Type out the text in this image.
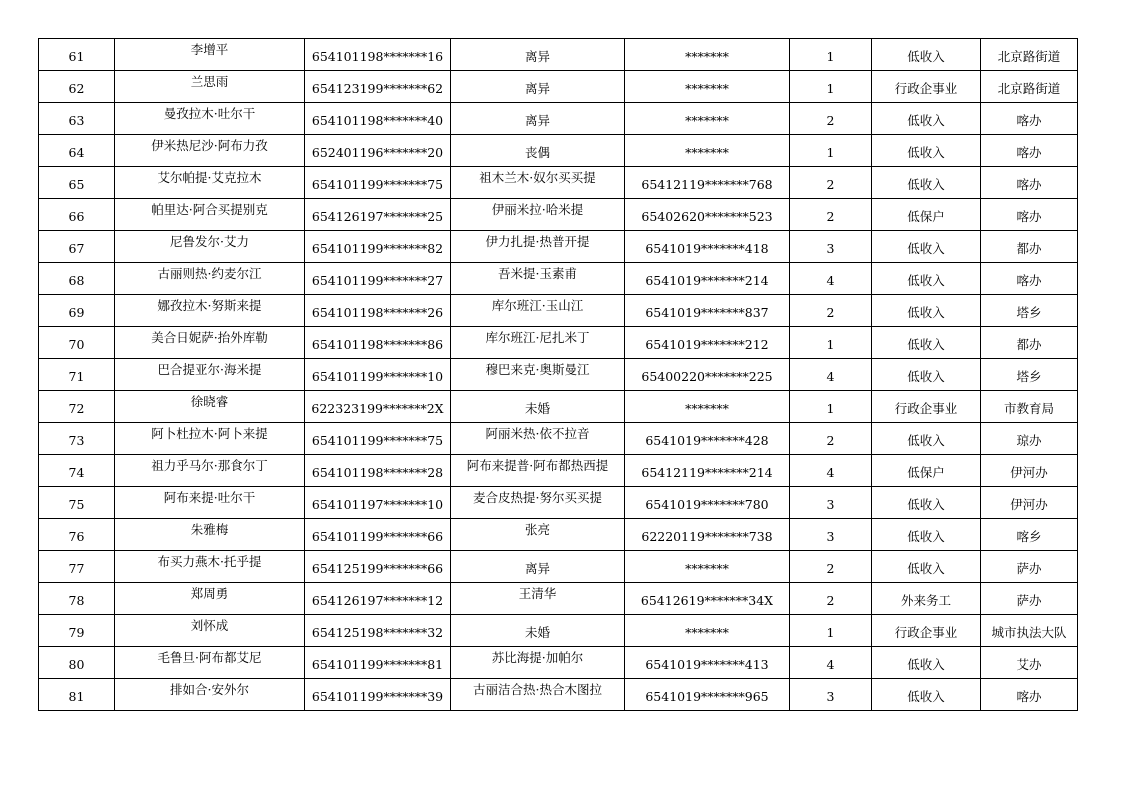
61	李增平	654101198*******16	离异	*******	1	低收入	北京路街道
62	兰思雨	654123199*******62	离异	*******	1	行政企事业	北京路街道
63	曼孜拉木·吐尔干	654101198*******40	离异	*******	2	低收入	喀办
64	伊米热尼沙·阿布力孜	652401196*******20	丧偶	*******	1	低收入	喀办
65	艾尔帕提·艾克拉木	654101199*******75	祖木兰木·奴尔买买提	65412119*******768	2	低收入	喀办
66	帕里达·阿合买提别克	654126197*******25	伊丽米拉·哈米提	65402620*******523	2	低保户	喀办
67	尼鲁发尔·艾力	654101199*******82	伊力扎提·热普开提	6541019*******418	3	低收入	都办
68	古丽则热·约麦尔江	654101199*******27	吾米提·玉素甫	6541019*******214	4	低收入	喀办
69	娜孜拉木·努斯来提	654101198*******26	库尔班江·玉山江	6541019*******837	2	低收入	塔乡
70	美合日妮萨·抬外库勒	654101198*******86	库尔班江·尼扎米丁	6541019*******212	1	低收入	都办
71	巴合提亚尔·海米提	654101199*******10	穆巴来克·奥斯曼江	65400220*******225	4	低收入	塔乡
72	徐晓睿	622323199*******2X	未婚	*******	1	行政企事业	市教育局
73	阿卜杜拉木·阿卜来提	654101199*******75	阿丽米热·依不拉音	6541019*******428	2	低收入	琼办
74	祖力乎马尔·那食尔丁	654101198*******28	阿布来提普·阿布都热西提	65412119*******214	4	低保户	伊河办
75	阿布来提·吐尔干	654101197*******10	麦合皮热提·努尔买买提	6541019*******780	3	低收入	伊河办
76	朱雅梅	654101199*******66	张亮	62220119*******738	3	低收入	喀乡
77	布买力燕木·托乎提	654125199*******66	离异	*******	2	低收入	萨办
78	郑周勇	654126197*******12	王清华	65412619*******34X	2	外来务工	萨办
79	刘怀成	654125198*******32	未婚	*******	1	行政企事业	城市执法大队
80	毛鲁旦·阿布都艾尼	654101199*******81	苏比海提·加帕尔	6541019*******413	4	低收入	艾办
81	排如合·安外尔	654101199*******39	古丽洁合热·热合木图拉	6541019*******965	3	低收入	喀办
